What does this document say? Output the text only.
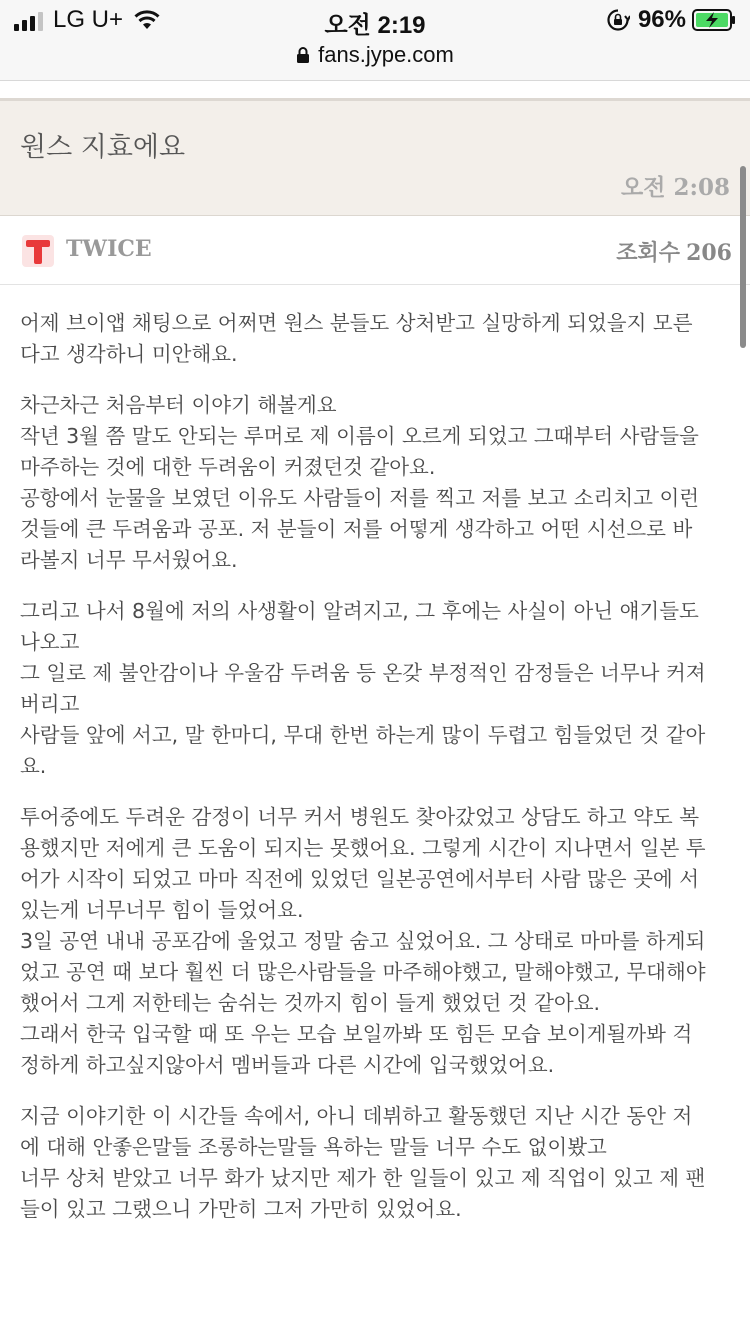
LG U+	오전 2:19	96%
fans.jype.com
원스 지효에요
오전 2:08
TWICE	조회수 206

어제 브이앱 채팅으로 어쩌면 원스 분들도 상처받고 실망하게 되었을지 모른
다고 생각하니 미안해요.

차근차근 처음부터 이야기 해볼게요
작년 3월 쯤 말도 안되는 루머로 제 이름이 오르게 되었고 그때부터 사람들을
마주하는 것에 대한 두려움이 커졌던것 같아요.
공항에서 눈물을 보였던 이유도 사람들이 저를 찍고 저를 보고 소리치고 이런
것들에 큰 두려움과 공포. 저 분들이 저를 어떻게 생각하고 어떤 시선으로 바
라볼지 너무 무서웠어요.

그리고 나서 8월에 저의 사생활이 알려지고, 그 후에는 사실이 아닌 얘기들도
나오고
그 일로 제 불안감이나 우울감 두려움 등 온갖 부정적인 감정들은 너무나 커져
버리고
사람들 앞에 서고, 말 한마디, 무대 한번 하는게 많이 두렵고 힘들었던 것 같아
요.

투어중에도 두려운 감정이 너무 커서 병원도 찾아갔었고 상담도 하고 약도 복
용했지만 저에게 큰 도움이 되지는 못했어요. 그렇게 시간이 지나면서 일본 투
어가 시작이 되었고 마마 직전에 있었던 일본공연에서부터 사람 많은 곳에 서
있는게 너무너무 힘이 들었어요.
3일 공연 내내 공포감에 울었고 정말 숨고 싶었어요. 그 상태로 마마를 하게되
었고 공연 때 보다 훨씬 더 많은사람들을 마주해야했고, 말해야했고, 무대해야
했어서 그게 저한테는 숨쉬는 것까지 힘이 들게 했었던 것 같아요.
그래서 한국 입국할 때 또 우는 모습 보일까봐 또 힘든 모습 보이게될까봐 걱
정하게 하고싶지않아서 멤버들과 다른 시간에 입국했었어요.

지금 이야기한 이 시간들 속에서, 아니 데뷔하고 활동했던 지난 시간 동안 저
에 대해 안좋은말들 조롱하는말들 욕하는 말들 너무 수도 없이봤고
너무 상처 받았고 너무 화가 났지만 제가 한 일들이 있고 제 직업이 있고 제 팬
들이 있고 그랬으니 가만히 그저 가만히 있었어요.
